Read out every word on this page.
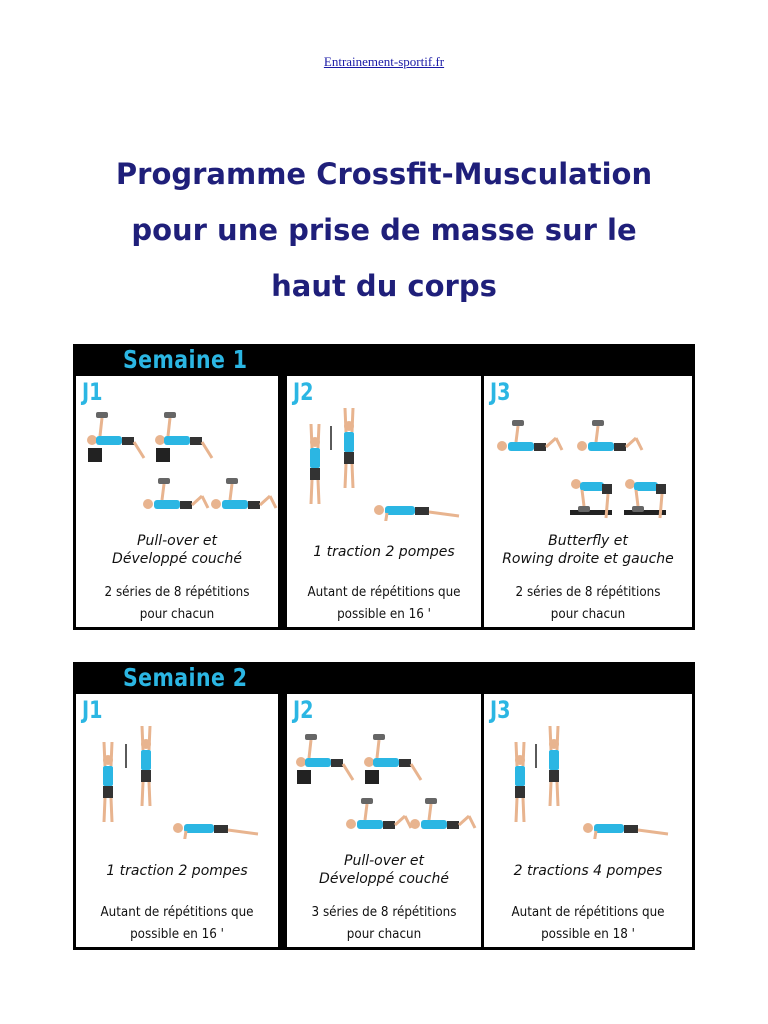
Entrainement-sportif.fr
Programme Crossfit-Musculation
pour une prise de masse sur le
haut du corps
Semaine 1
J1
Pull-over et
Développé couché
2 séries de 8 répétitions
pour chacun
J2
1 traction 2 pompes
Autant de répétitions que
possible en 16 '
J3
Butterfly et
Rowing droite et gauche
2 séries de 8 répétitions
pour chacun
Semaine 2
J1
1 traction 2 pompes
Autant de répétitions que
possible en 16 '
J2
Pull-over et
Développé couché
3 séries de 8 répétitions
pour chacun
J3
2 tractions 4 pompes
Autant de répétitions que
possible en 18 '
